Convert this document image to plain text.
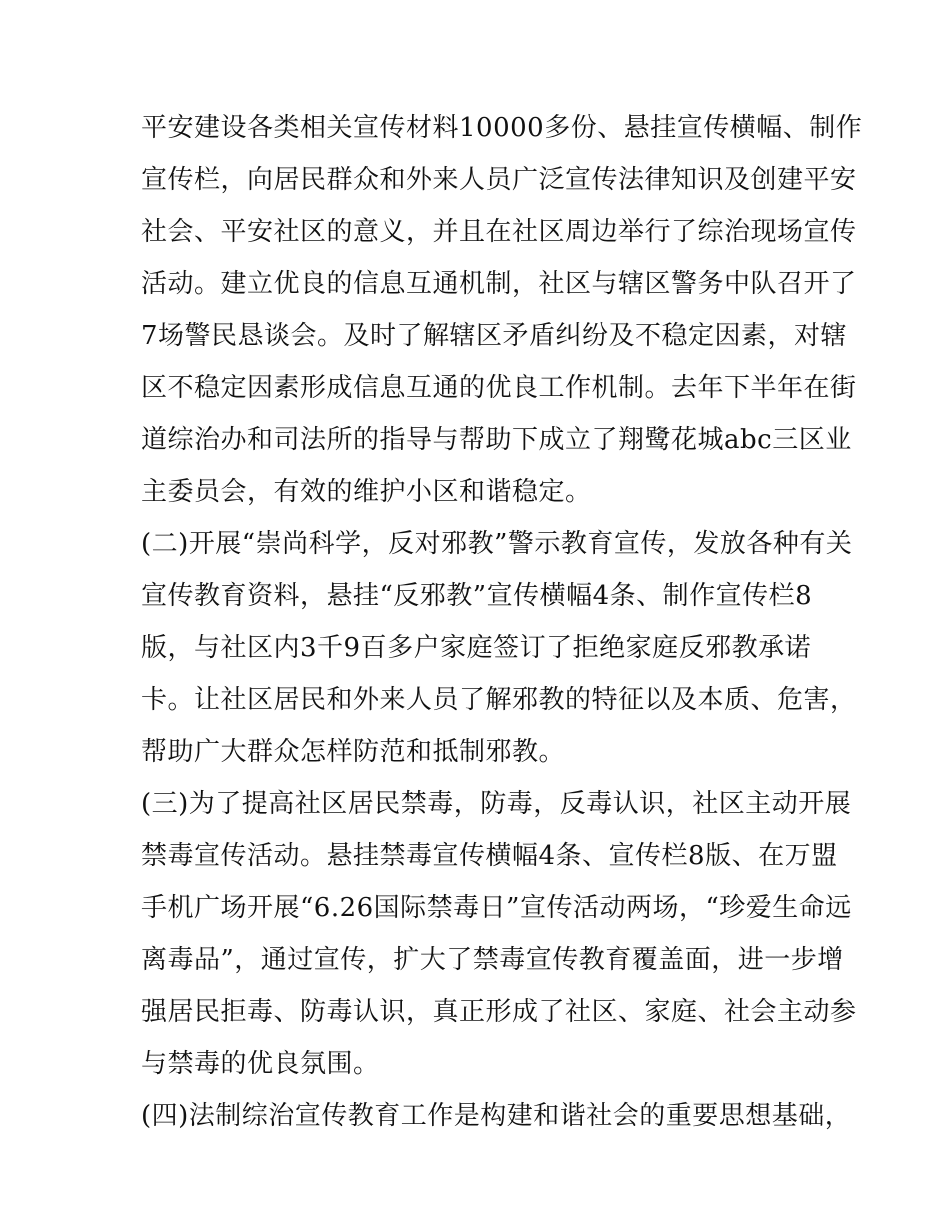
平安建设各类相关宣传材料10000多份、悬挂宣传横幅、制作
宣传栏，向居民群众和外来人员广泛宣传法律知识及创建平安
社会、平安社区的意义，并且在社区周边举行了综治现场宣传
活动。建立优良的信息互通机制，社区与辖区警务中队召开了
7场警民恳谈会。及时了解辖区矛盾纠纷及不稳定因素，对辖
区不稳定因素形成信息互通的优良工作机制。去年下半年在街
道综治办和司法所的指导与帮助下成立了翔鹭花城abc三区业
主委员会，有效的维护小区和谐稳定。
(二)开展“崇尚科学，反对邪教”警示教育宣传，发放各种有关
宣传教育资料，悬挂“反邪教”宣传横幅4条、制作宣传栏8
版，与社区内3千9百多户家庭签订了拒绝家庭反邪教承诺
卡。让社区居民和外来人员了解邪教的特征以及本质、危害，
帮助广大群众怎样防范和抵制邪教。
(三)为了提高社区居民禁毒，防毒，反毒认识，社区主动开展
禁毒宣传活动。悬挂禁毒宣传横幅4条、宣传栏8版、在万盟
手机广场开展“6.26国际禁毒日”宣传活动两场，“珍爱生命远
离毒品”，通过宣传，扩大了禁毒宣传教育覆盖面，进一步增
强居民拒毒、防毒认识，真正形成了社区、家庭、社会主动参
与禁毒的优良氛围。
(四)法制综治宣传教育工作是构建和谐社会的重要思想基础，
